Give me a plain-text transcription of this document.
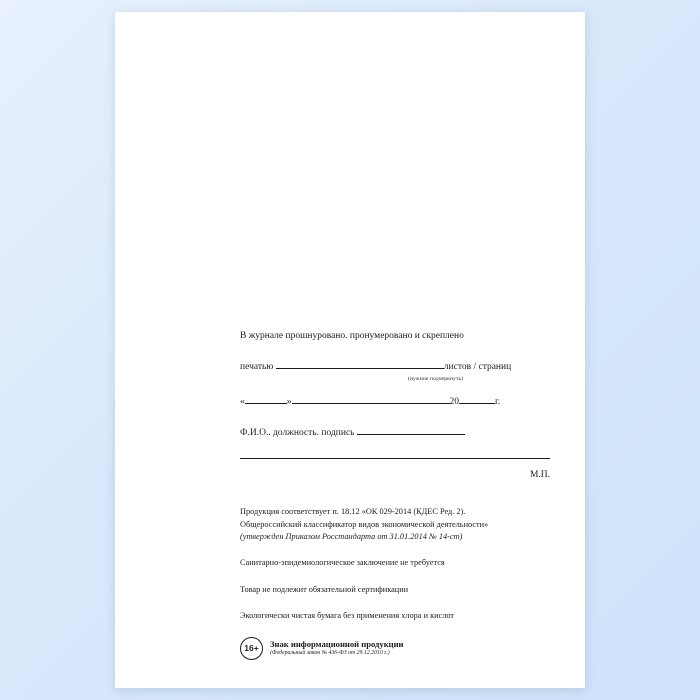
В журнале прошнуровано. пронумеровано и скреплено
печатью	листов / страниц
(нужное подчеркнуть)
«	»	20	г.
Ф.И.О.. должность. подпись
М.П.
Продукция соответствует п. 18.12 «ОК 029-2014 (КДЕС Ред. 2).
Общероссийский классификатор видов экономической деятельности»
(утвержден Приказом Росстандарта от 31.01.2014 № 14-ст)
Санитарно-эпидемиологическое заключение не требуется
Товар не подлежит обязательной сертификации
Экологически чистая бумага без применения хлора и кислот
16+	Знак информационной продукции
(Федеральный закон № 436-ФЗ от 29.12.2010 г.)
